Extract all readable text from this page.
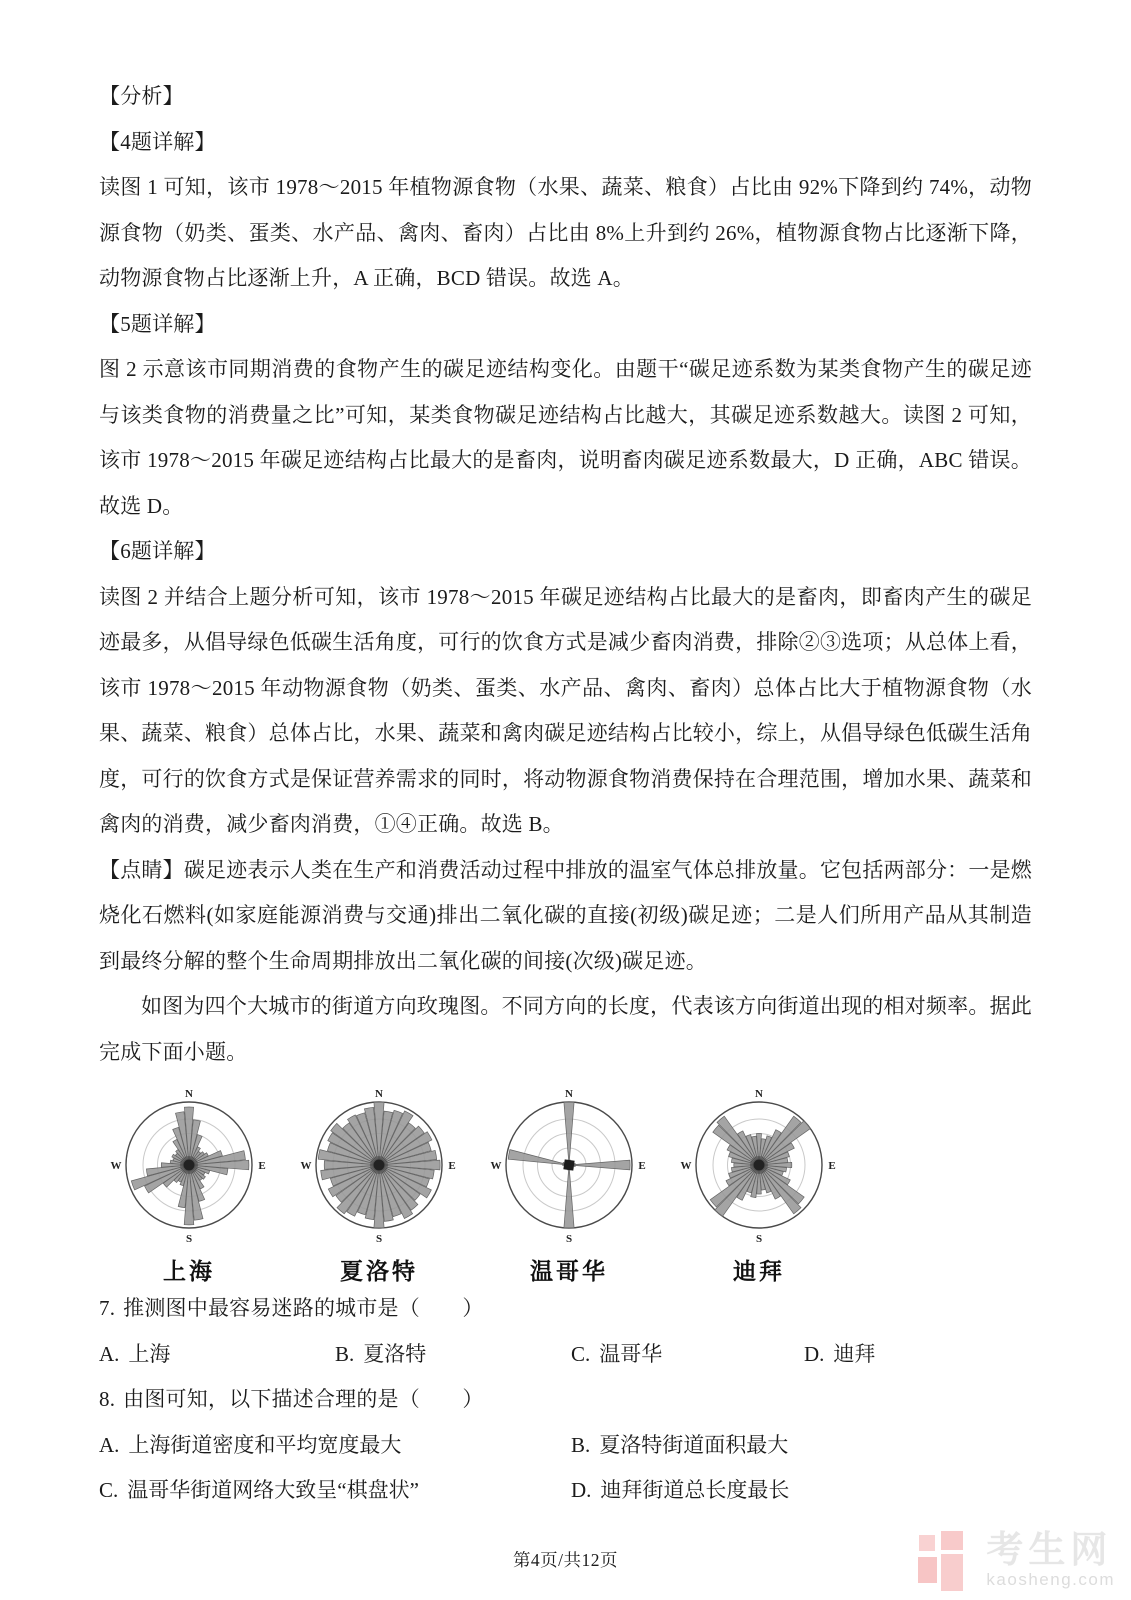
【分析】

【4题详解】

读图 1 可知，该市 1978～2015 年植物源食物（水果、蔬菜、粮食）占比由 92%下降到约 74%，动物源食物（奶类、蛋类、水产品、禽肉、畜肉）占比由 8%上升到约 26%，植物源食物占比逐渐下降，动物源食物占比逐渐上升，A 正确，BCD 错误。故选 A。

【5题详解】

图 2 示意该市同期消费的食物产生的碳足迹结构变化。由题干“碳足迹系数为某类食物产生的碳足迹与该类食物的消费量之比”可知，某类食物碳足迹结构占比越大，其碳足迹系数越大。读图 2 可知，该市 1978～2015 年碳足迹结构占比最大的是畜肉，说明畜肉碳足迹系数最大，D 正确，ABC 错误。故选 D。

【6题详解】

读图 2 并结合上题分析可知，该市 1978～2015 年碳足迹结构占比最大的是畜肉，即畜肉产生的碳足迹最多，从倡导绿色低碳生活角度，可行的饮食方式是减少畜肉消费，排除②③选项；从总体上看，该市 1978～2015 年动物源食物（奶类、蛋类、水产品、禽肉、畜肉）总体占比大于植物源食物（水果、蔬菜、粮食）总体占比，水果、蔬菜和禽肉碳足迹结构占比较小，综上，从倡导绿色低碳生活角度，可行的饮食方式是保证营养需求的同时，将动物源食物消费保持在合理范围，增加水果、蔬菜和禽肉的消费，减少畜肉消费，①④正确。故选 B。

【点睛】碳足迹表示人类在生产和消费活动过程中排放的温室气体总排放量。它包括两部分：一是燃烧化石燃料(如家庭能源消费与交通)排出二氧化碳的直接(初级)碳足迹；二是人们所用产品从其制造到最终分解的整个生命周期排放出二氧化碳的间接(次级)碳足迹。

如图为四个大城市的街道方向玫瑰图。不同方向的长度，代表该方向街道出现的相对频率。据此完成下面小题。

N
E
S
W
上海
N
E
S
W
夏洛特
N
E
S
W
温哥华
N
E
S
W
迪拜

7. 推测图中最容易迷路的城市是（　　）

A. 上海	B. 夏洛特	C. 温哥华	D. 迪拜

8. 由图可知，以下描述合理的是（　　）

A. 上海街道密度和平均宽度最大	B. 夏洛特街道面积最大
C. 温哥华街道网络大致呈“棋盘状”	D. 迪拜街道总长度最长
第4页/共12页	考生网
kaosheng.com
